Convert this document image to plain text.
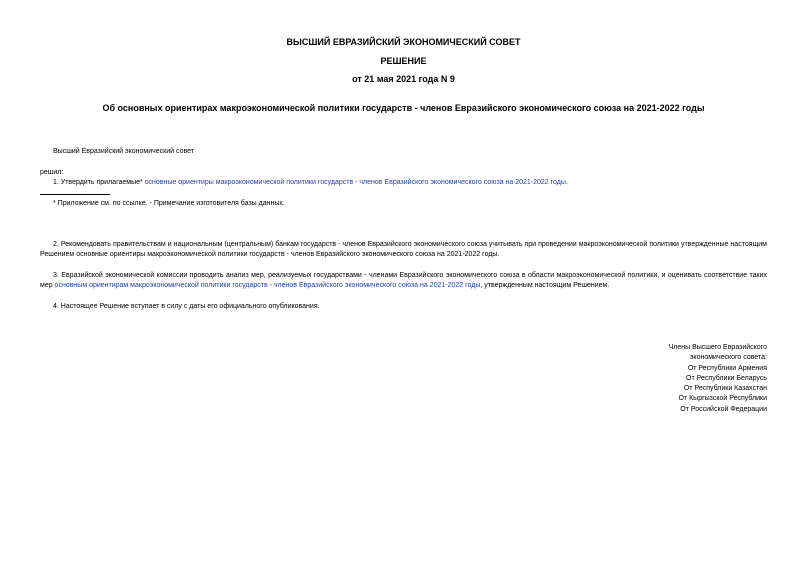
ВЫСШИЙ ЕВРАЗИЙСКИЙ ЭКОНОМИЧЕСКИЙ СОВЕТ
РЕШЕНИЕ
от 21 мая 2021 года N 9
Об основных ориентирах макроэкономической политики государств - членов Евразийского экономического союза на 2021-2022 годы
Высший Евразийский экономический совет
решил:
1. Утвердить прилагаемые* основные ориентиры макроэкономической политики государств - членов Евразийского экономического союза на 2021-2022 годы.
* Приложение см. по ссылке. - Примечание изготовителя базы данных.
2. Рекомендовать правительствам и национальным (центральным) банкам государств - членов Евразийского экономического союза учитывать при проведении макроэкономической политики утвержденные настоящим Решением основные ориентиры макроэкономической политики государств - членов Евразийского экономического союза на 2021-2022 годы.
3. Евразийской экономической комиссии проводить анализ мер, реализуемых государствами - членами Евразийского экономического союза в области макроэкономической политики, и оценивать соответствие таких мер основным ориентирам макроэкономической политики государств - членов Евразийского экономического союза на 2021-2022 годы, утвержденным настоящим Решением.
4. Настоящее Решение вступает в силу с даты его официального опубликования.
Члены Высшего Евразийского
экономического совета:
От Республики Армения
От Республики Беларусь
От Республики Казахстан
От Кыргызской Республики
От Российской Федерации
